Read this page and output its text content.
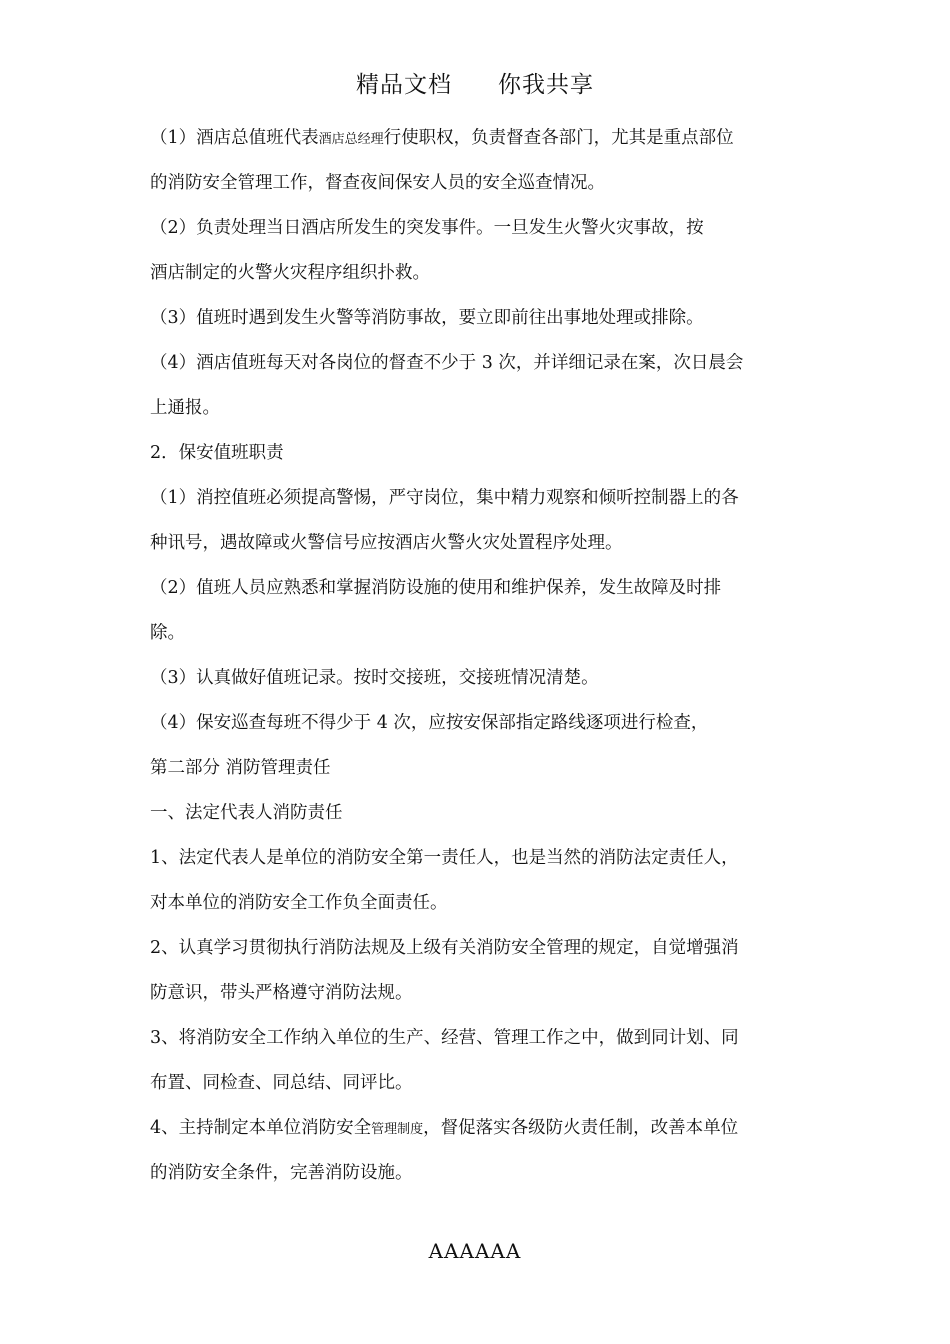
精品文档 你我共享
（1）酒店总值班代表酒店总经理行使职权，负责督查各部门，尤其是重点部位
的消防安全管理工作，督查夜间保安人员的安全巡查情况。
（2）负责处理当日酒店所发生的突发事件。一旦发生火警火灾事故，按
酒店制定的火警火灾程序组织扑救。
（3）值班时遇到发生火警等消防事故，要立即前往出事地处理或排除。
（4）酒店值班每天对各岗位的督查不少于 3 次，并详细记录在案，次日晨会
上通报。
2．保安值班职责
（1）消控值班必须提高警惕，严守岗位，集中精力观察和倾听控制器上的各
种讯号，遇故障或火警信号应按酒店火警火灾处置程序处理。
（2）值班人员应熟悉和掌握消防设施的使用和维护保养，发生故障及时排
除。
（3）认真做好值班记录。按时交接班，交接班情况清楚。
（4）保安巡查每班不得少于 4 次，应按安保部指定路线逐项进行检查，
第二部分 消防管理责任
一、法定代表人消防责任
1、法定代表人是单位的消防安全第一责任人，也是当然的消防法定责任人，
对本单位的消防安全工作负全面责任。
2、认真学习贯彻执行消防法规及上级有关消防安全管理的规定，自觉增强消
防意识，带头严格遵守消防法规。
3、将消防安全工作纳入单位的生产、经营、管理工作之中，做到同计划、同
布置、同检查、同总结、同评比。
4、主持制定本单位消防安全管理制度，督促落实各级防火责任制，改善本单位
的消防安全条件，完善消防设施。
AAAAAA
